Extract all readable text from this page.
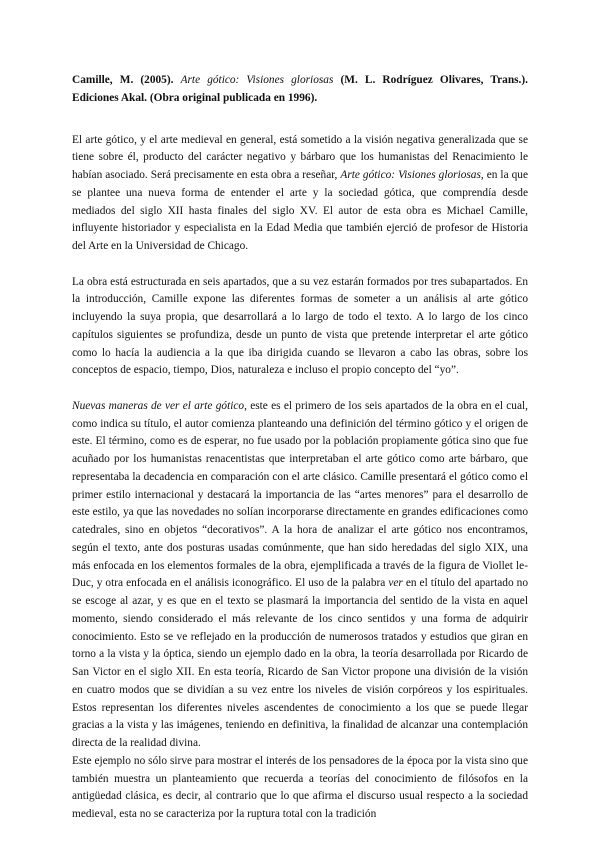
Camille, M. (2005). Arte gótico: Visiones gloriosas (M. L. Rodríguez Olivares, Trans.). Ediciones Akal. (Obra original publicada en 1996).

El arte gótico, y el arte medieval en general, está sometido a la visión negativa generalizada que se tiene sobre él, producto del carácter negativo y bárbaro que los humanistas del Renacimiento le habían asociado. Será precisamente en esta obra a reseñar, Arte gótico: Visiones gloriosas, en la que se plantee una nueva forma de entender el arte y la sociedad gótica, que comprendía desde mediados del siglo XII hasta finales del siglo XV. El autor de esta obra es Michael Camille, influyente historiador y especialista en la Edad Media que también ejerció de profesor de Historia del Arte en la Universidad de Chicago.

La obra está estructurada en seis apartados, que a su vez estarán formados por tres subapartados. En la introducción, Camille expone las diferentes formas de someter a un análisis al arte gótico incluyendo la suya propia, que desarrollará a lo largo de todo el texto. A lo largo de los cinco capítulos siguientes se profundiza, desde un punto de vista que pretende interpretar el arte gótico como lo hacía la audiencia a la que iba dirigida cuando se llevaron a cabo las obras, sobre los conceptos de espacio, tiempo, Dios, naturaleza e incluso el propio concepto del “yo”.

Nuevas maneras de ver el arte gótico, este es el primero de los seis apartados de la obra en el cual, como indica su título, el autor comienza planteando una definición del término gótico y el origen de este. El término, como es de esperar, no fue usado por la población propiamente gótica sino que fue acuñado por los humanistas renacentistas que interpretaban el arte gótico como arte bárbaro, que representaba la decadencia en comparación con el arte clásico. Camille presentará el gótico como el primer estilo internacional y destacará la importancia de las “artes menores” para el desarrollo de este estilo, ya que las novedades no solían incorporarse directamente en grandes edificaciones como catedrales, sino en objetos “decorativos”. A la hora de analizar el arte gótico nos encontramos, según el texto, ante dos posturas usadas comúnmente, que han sido heredadas del siglo XIX, una más enfocada en los elementos formales de la obra, ejemplificada a través de la figura de Viollet le-Duc, y otra enfocada en el análisis iconográfico. El uso de la palabra ver en el título del apartado no se escoge al azar, y es que en el texto se plasmará la importancia del sentido de la vista en aquel momento, siendo considerado el más relevante de los cinco sentidos y una forma de adquirir conocimiento. Esto se ve reflejado en la producción de numerosos tratados y estudios que giran en torno a la vista y la óptica, siendo un ejemplo dado en la obra, la teoría desarrollada por Ricardo de San Victor en el siglo XII. En esta teoría, Ricardo de San Victor propone una división de la visión en cuatro modos que se dividían a su vez entre los niveles de visión corpóreos y los espirituales. Estos representan los diferentes niveles ascendentes de conocimiento a los que se puede llegar gracias a la vista y las imágenes, teniendo en definitiva, la finalidad de alcanzar una contemplación directa de la realidad divina.

Este ejemplo no sólo sirve para mostrar el interés de los pensadores de la época por la vista sino que también muestra un planteamiento que recuerda a teorías del conocimiento de filósofos en la antigüedad clásica, es decir, al contrario que lo que afirma el discurso usual respecto a la sociedad medieval, esta no se caracteriza por la ruptura total con la tradición
